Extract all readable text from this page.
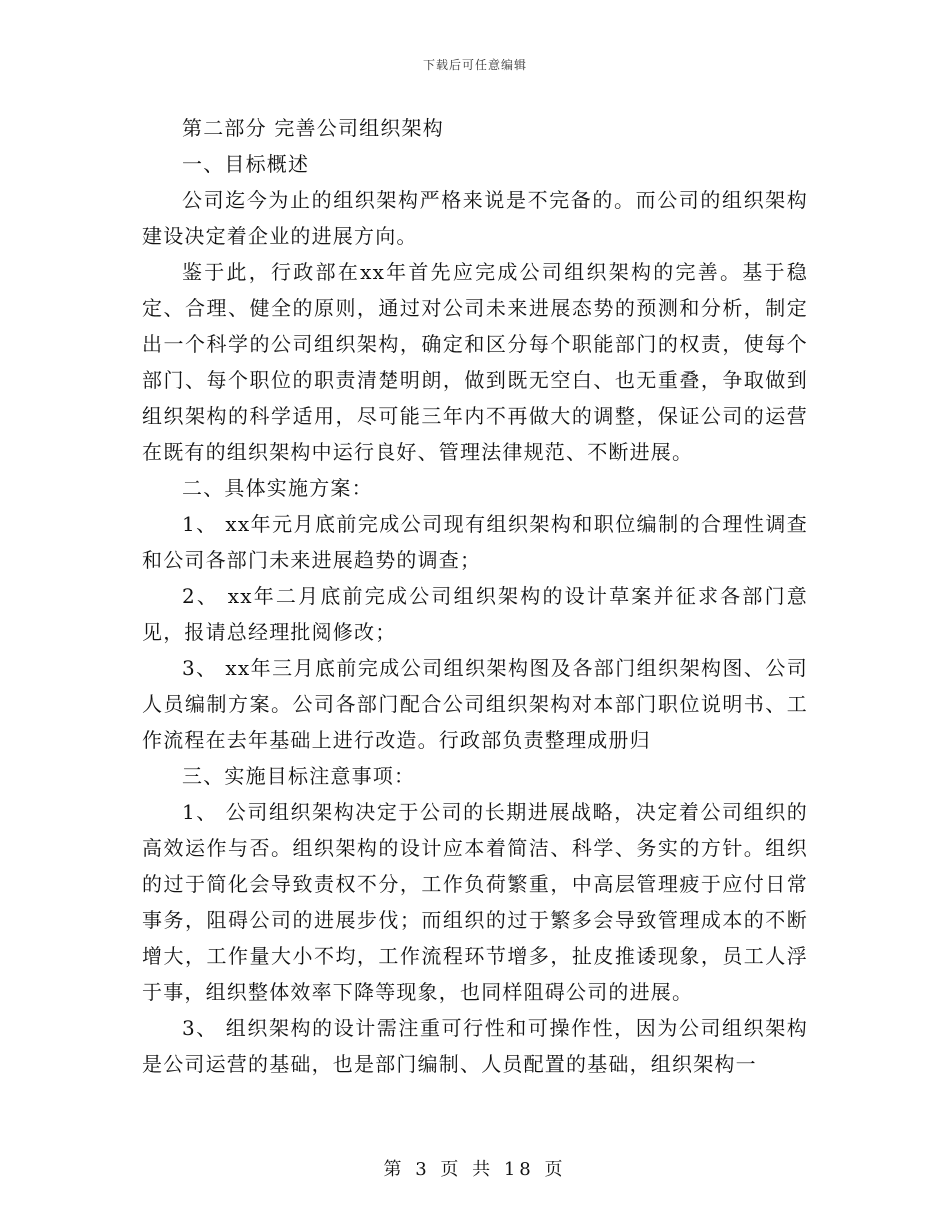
下载后可任意编辑

第二部分 完善公司组织架构

一、目标概述

公司迄今为止的组织架构严格来说是不完备的。而公司的组织架构建设决定着企业的进展方向。

鉴于此，行政部在xx年首先应完成公司组织架构的完善。基于稳定、合理、健全的原则，通过对公司未来进展态势的预测和分析，制定出一个科学的公司组织架构，确定和区分每个职能部门的权责，使每个部门、每个职位的职责清楚明朗，做到既无空白、也无重叠，争取做到组织架构的科学适用，尽可能三年内不再做大的调整，保证公司的运营在既有的组织架构中运行良好、管理法律规范、不断进展。

二、具体实施方案：

1、 xx年元月底前完成公司现有组织架构和职位编制的合理性调查和公司各部门未来进展趋势的调查；

2、 xx年二月底前完成公司组织架构的设计草案并征求各部门意见，报请总经理批阅修改；

3、 xx年三月底前完成公司组织架构图及各部门组织架构图、公司人员编制方案。公司各部门配合公司组织架构对本部门职位说明书、工作流程在去年基础上进行改造。行政部负责整理成册归

三、实施目标注意事项：

1、 公司组织架构决定于公司的长期进展战略，决定着公司组织的高效运作与否。组织架构的设计应本着简洁、科学、务实的方针。组织的过于简化会导致责权不分，工作负荷繁重，中高层管理疲于应付日常事务，阻碍公司的进展步伐；而组织的过于繁多会导致管理成本的不断增大，工作量大小不均，工作流程环节增多，扯皮推诿现象，员工人浮于事，组织整体效率下降等现象，也同样阻碍公司的进展。

3、 组织架构的设计需注重可行性和可操作性，因为公司组织架构是公司运营的基础，也是部门编制、人员配置的基础，组织架构一

第 3 页 共 18 页
